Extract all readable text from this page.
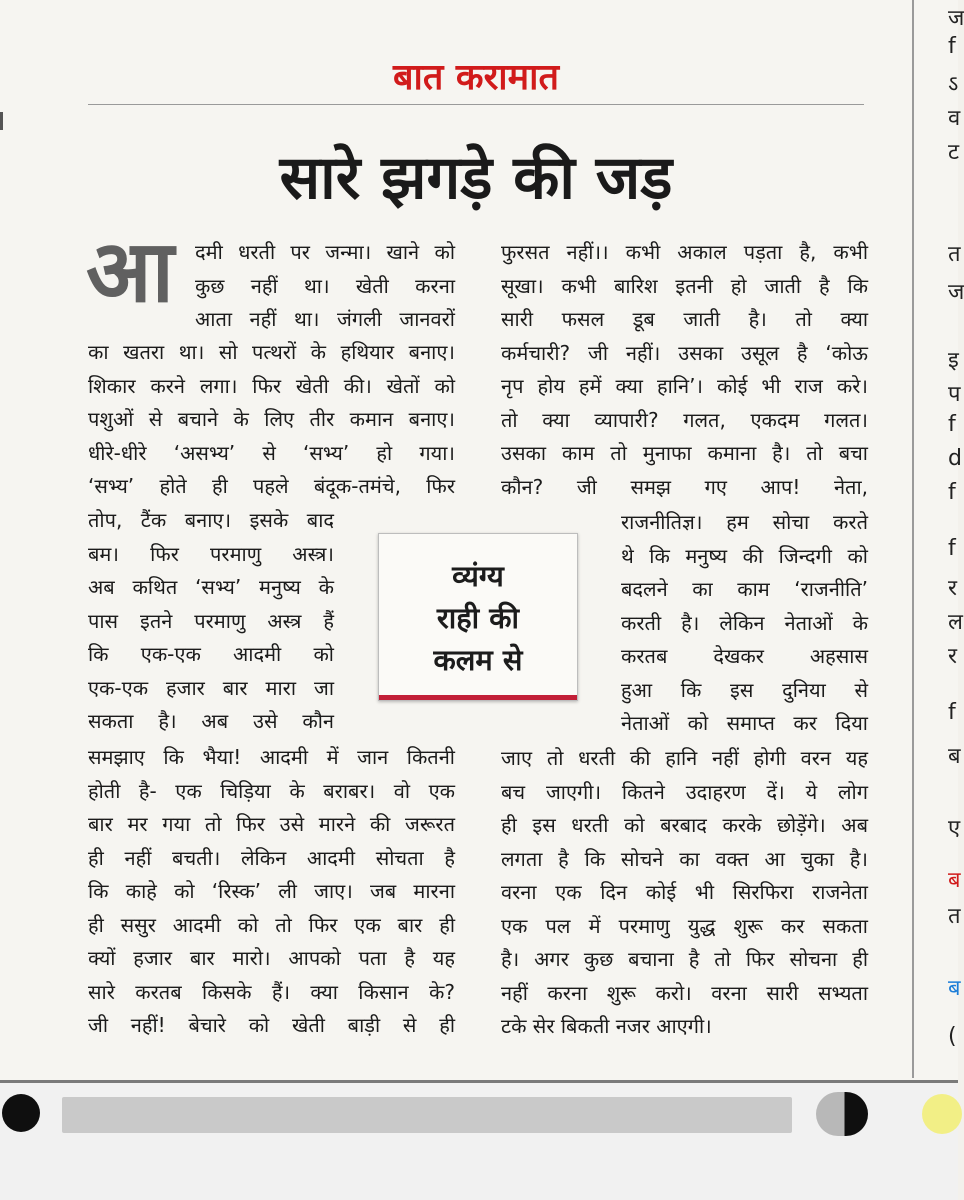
बात करामात
सारे झगड़े की जड़
आ दमी धरती पर जन्मा। खाने को
कुछ नहीं था। खेती करना
आता नहीं था। जंगली जानवरों
का खतरा था। सो पत्थरों के हथियार बनाए।
शिकार करने लगा। फिर खेती की। खेतों को
पशुओं से बचाने के लिए तीर कमान बनाए।
धीरे-धीरे ‘असभ्य’ से ‘सभ्य’ हो गया।
‘सभ्य’ होते ही पहले बंदूक-तमंचे, फिर
तोप, टैंक बनाए। इसके बाद
बम। फिर परमाणु अस्त्र।
अब कथित ‘सभ्य’ मनुष्य के
पास इतने परमाणु अस्त्र हैं
कि एक-एक आदमी को
एक-एक हजार बार मारा जा
सकता है। अब उसे कौन
समझाए कि भैया! आदमी में जान कितनी
होती है- एक चिड़िया के बराबर। वो एक
बार मर गया तो फिर उसे मारने की जरूरत
ही नहीं बचती। लेकिन आदमी सोचता है
कि काहे को ‘रिस्क’ ली जाए। जब मारना
ही ससुर आदमी को तो फिर एक बार ही
क्यों हजार बार मारो। आपको पता है यह
सारे करतब किसके हैं। क्या किसान के?
जी नहीं! बेचारे को खेती बाड़ी से ही
फुरसत नहीं।। कभी अकाल पड़ता है, कभी
सूखा। कभी बारिश इतनी हो जाती है कि
सारी फसल डूब जाती है। तो क्या
कर्मचारी? जी नहीं। उसका उसूल है ‘कोऊ
नृप होय हमें क्या हानि’। कोई भी राज करे।
तो क्या व्यापारी? गलत, एकदम गलत।
उसका काम तो मुनाफा कमाना है। तो बचा
कौन? जी समझ गए आप! नेता,
राजनीतिज्ञ। हम सोचा करते
थे कि मनुष्य की जिन्दगी को
बदलने का काम ‘राजनीति’
करती है। लेकिन नेताओं के
करतब देखकर अहसास
हुआ कि इस दुनिया से
नेताओं को समाप्त कर दिया
जाए तो धरती की हानि नहीं होगी वरन यह
बच जाएगी। कितने उदाहरण दें। ये लोग
ही इस धरती को बरबाद करके छोड़ेंगे। अब
लगता है कि सोचने का वक्त आ चुका है।
वरना एक दिन कोई भी सिरफिरा राजनेता
एक पल में परमाणु युद्ध शुरू कर सकता
है। अगर कुछ बचाना है तो फिर सोचना ही
नहीं करना शुरू करो। वरना सारी सभ्यता
टके सेर बिकती नजर आएगी।
व्यंग्य
राही की
कलम से
ज
f
ऽ
व
ट
त
ज
इ
प
f
d
f
f
र
ल
र
f
ब
ए
ब
त
ब
(
